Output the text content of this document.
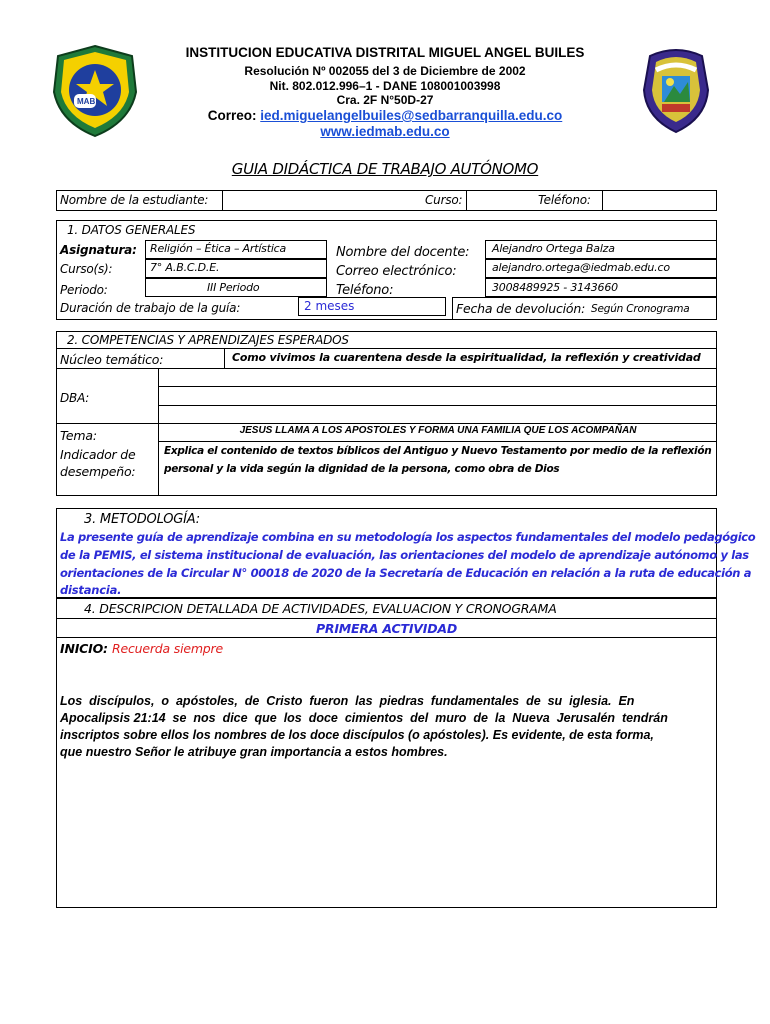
MAB
INSTITUCION EDUCATIVA DISTRITAL MIGUEL ANGEL BUILES
Resolución Nº 002055 del 3 de Diciembre de 2002
Nit. 802.012.996–1 - DANE 108001003998
Cra. 2F N°50D-27
Correo: ied.miguelangelbuiles@sedbarranquilla.edu.co
www.iedmab.edu.co
GUIA DIDÁCTICA DE TRABAJO AUTÓNOMO
Nombre de la estudiante:	Curso:	Teléfono:
1. DATOS GENERALES
Asignatura: Religión – Ética – Artística
Curso(s):	7° A.B.C.D.E.
Periodo:	III Periodo
Duración de trabajo de la guía:	2 meses
Nombre del docente: Alejandro Ortega Balza
Correo electrónico:	alejandro.ortega@iedmab.edu.co
Teléfono:	3008489925 - 3143660
Fecha de devolución: Según Cronograma
2. COMPETENCIAS Y APRENDIZAJES ESPERADOS
Núcleo temático:	Como vivimos la cuarentena desde la espiritualidad, la reflexión y creatividad
DBA:
Tema:	JESUS LLAMA A LOS APOSTOLES Y FORMA UNA FAMILIA QUE LOS ACOMPAÑAN
Indicador de
desempeño:
Explica el contenido de textos bíblicos del Antiguo y Nuevo Testamento por medio de la reflexión
personal y la vida según la dignidad de la persona, como obra de Dios
3. METODOLOGÍA:
La presente guía de aprendizaje combina en su metodología los aspectos fundamentales del modelo pedagógico
de la PEMIS, el sistema institucional de evaluación, las orientaciones del modelo de aprendizaje autónomo y las
orientaciones de la Circular N° 00018 de 2020 de la Secretaría de Educación en relación a la ruta de educación a
distancia.
4. DESCRIPCION DETALLADA DE ACTIVIDADES, EVALUACION Y CRONOGRAMA
PRIMERA ACTIVIDAD
INICIO: Recuerda siempre
Los  discípulos,  o  apóstoles,  de  Cristo  fueron  las  piedras  fundamentales  de  su  iglesia.  En
Apocalipsis 21:14  se  nos  dice  que  los  doce  cimientos  del  muro  de  la  Nueva  Jerusalén  tendrán
inscriptos sobre ellos los nombres de los doce discípulos (o apóstoles). Es evidente, de esta forma,
que nuestro Señor le atribuye gran importancia a estos hombres.
